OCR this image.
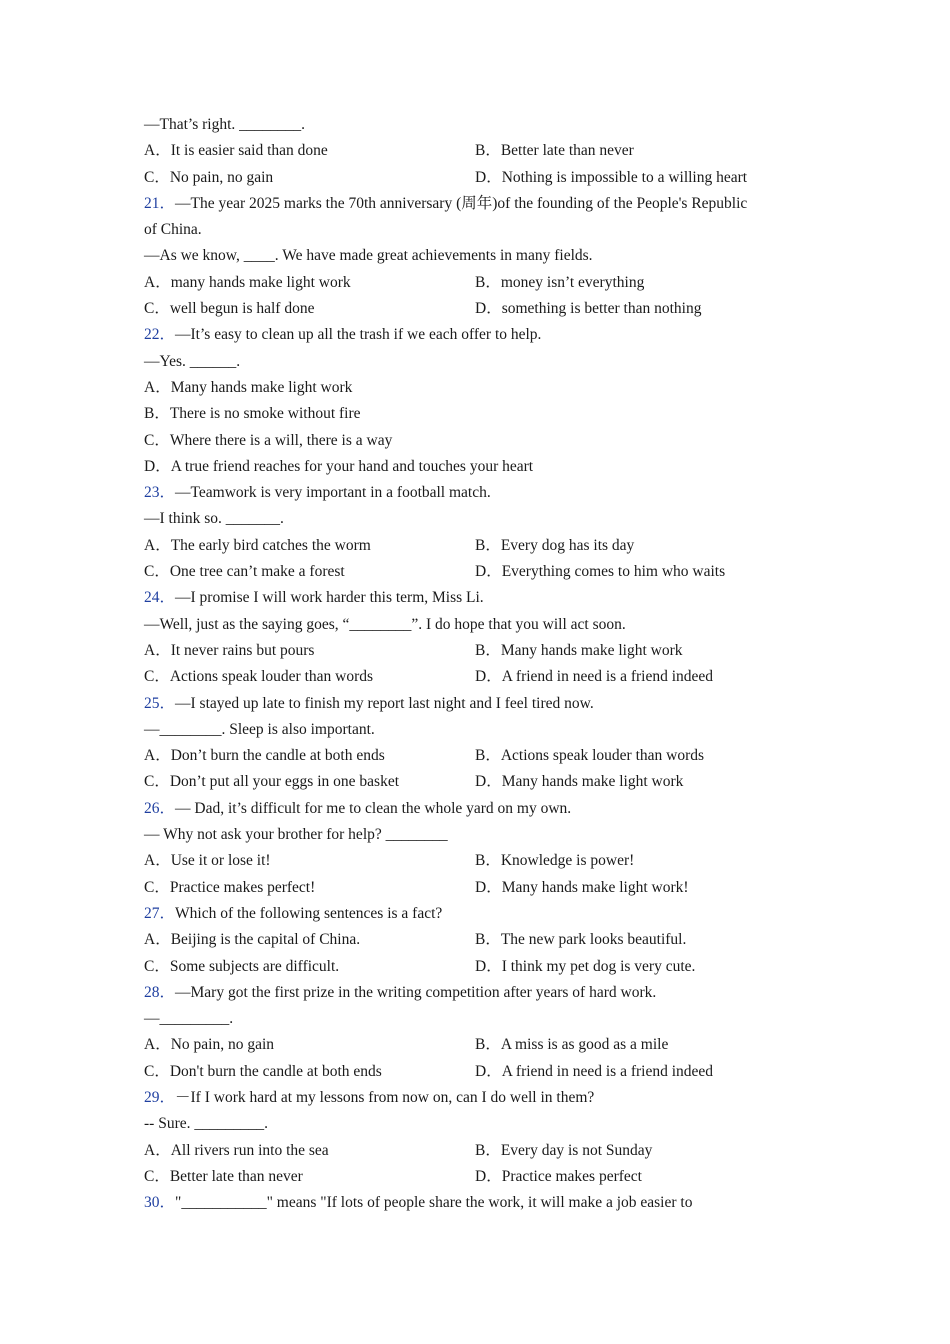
—That’s right. ________.
A．It is easier said than done	B．Better late than never
C．No pain, no gain	D．Nothing is impossible to a willing heart
21．—The year 2025 marks the 70th anniversary (周年)of the founding of the People's Republic
of China.
—As we know, ____. We have made great achievements in many fields.
A．many hands make light work	B．money isn’t everything
C．well begun is half done	D．something is better than nothing
22．—It’s easy to clean up all the trash if we each offer to help.
—Yes. ______.
A．Many hands make light work
B．There is no smoke without fire
C．Where there is a will, there is a way
D．A true friend reaches for your hand and touches your heart
23．—Teamwork is very important in a football match.
—I think so. _______.
A．The early bird catches the worm	B．Every dog has its day
C．One tree can’t make a forest	D．Everything comes to him who waits
24．—I promise I will work harder this term, Miss Li.
—Well, just as the saying goes, “________”. I do hope that you will act soon.
A．It never rains but pours	B．Many hands make light work
C．Actions speak louder than words	D．A friend in need is a friend indeed
25．—I stayed up late to finish my report last night and I feel tired now.
—________. Sleep is also important.
A．Don’t burn the candle at both ends	B．Actions speak louder than words
C．Don’t put all your eggs in one basket	D．Many hands make light work
26．— Dad, it’s difficult for me to clean the whole yard on my own.
— Why not ask your brother for help? ________
A．Use it or lose it!	B．Knowledge is power!
C．Practice makes perfect!	D．Many hands make light work!
27．Which of the following sentences is a fact?
A．Beijing is the capital of China.	B．The new park looks beautiful.
C．Some subjects are difficult.	D．I think my pet dog is very cute.
28．—Mary got the first prize in the writing competition after years of hard work.
—_________.
A．No pain, no gain	B．A miss is as good as a mile
C．Don't burn the candle at both ends	D．A friend in need is a friend indeed
29．－If I work hard at my lessons from now on, can I do well in them?
-- Sure. _________.
A．All rivers run into the sea	B．Every day is not Sunday
C．Better late than never	D．Practice makes perfect
30．"___________" means "If lots of people share the work, it will make a job easier to
